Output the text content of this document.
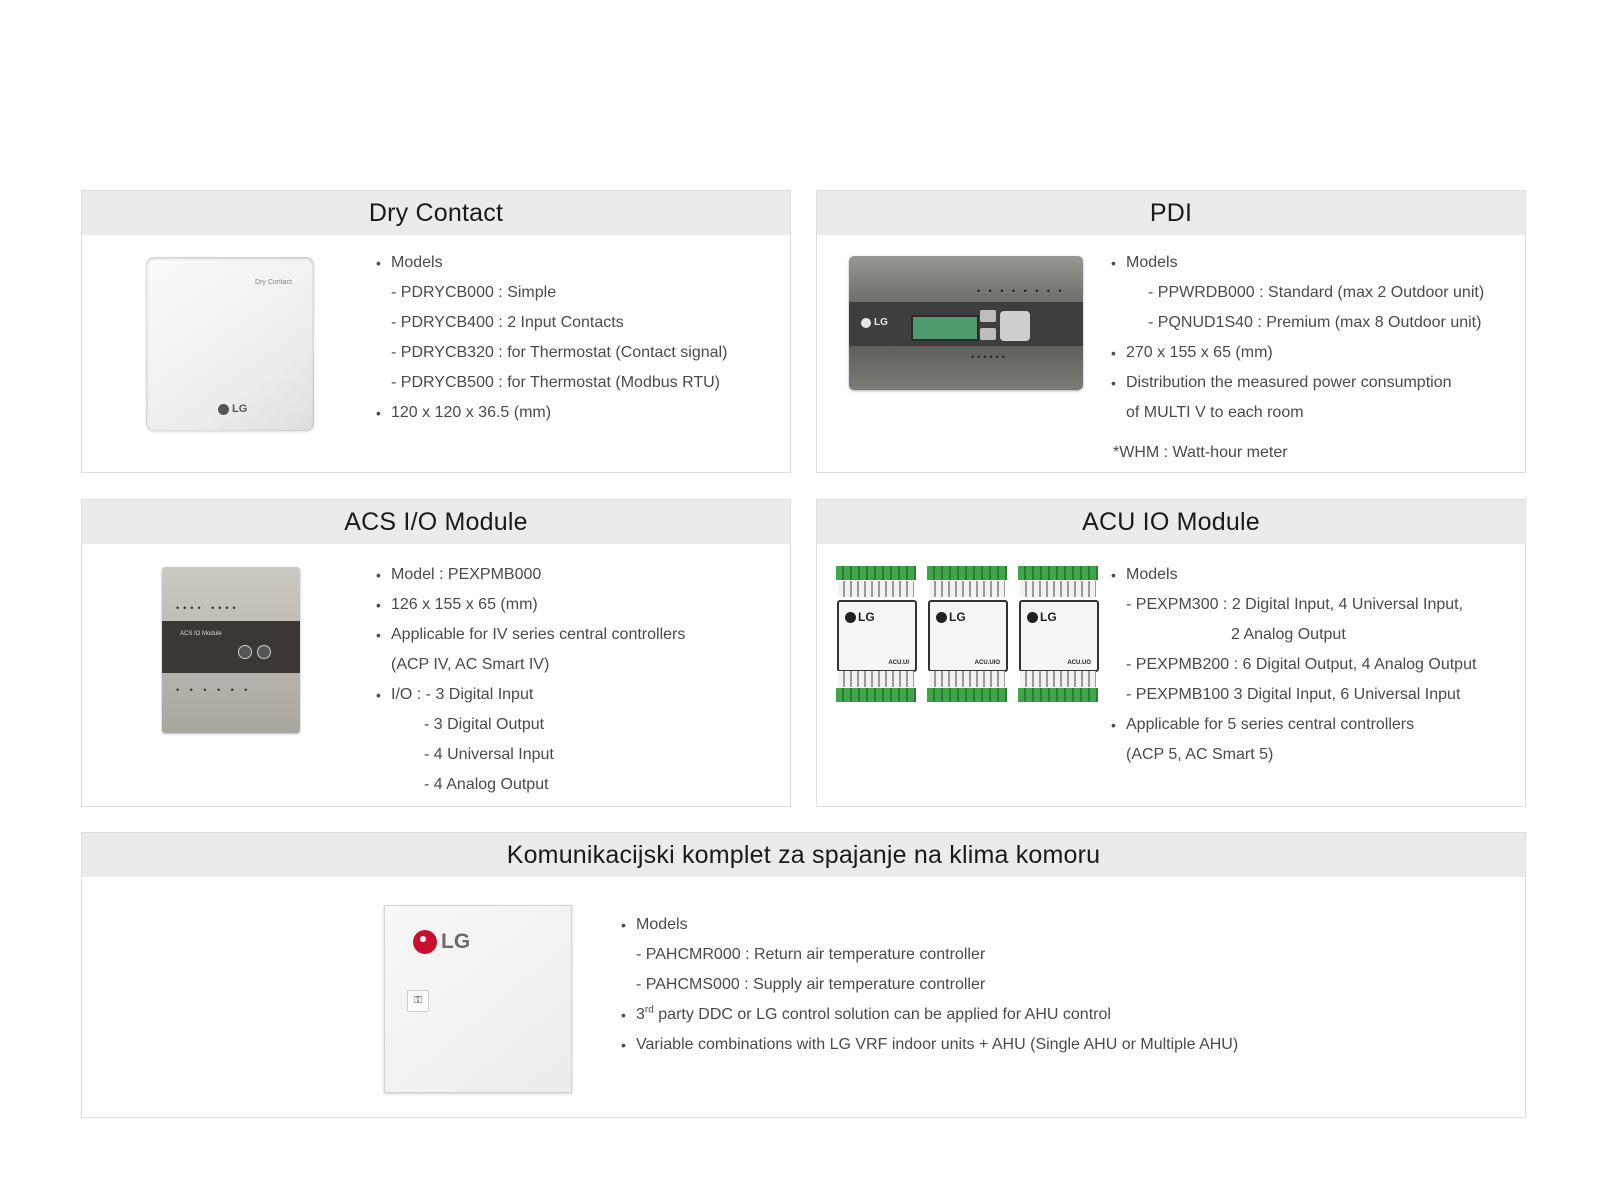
Dry Contact
Dry Contact
LG
• Models
- PDRYCB000 : Simple
- PDRYCB400 : 2 Input Contacts
- PDRYCB320 : for Thermostat (Contact signal)
- PDRYCB500 : for Thermostat (Modbus RTU)
• 120 x 120 x 36.5 (mm)
PDI
• • • • • • • •
••••••
LG
• Models
- PPWRDB000 : Standard (max 2 Outdoor unit)
- PQNUD1S40 : Premium (max 8 Outdoor unit)
• 270 x 155 x 65 (mm)
• Distribution the measured power consumption
of MULTI V to each room
*WHM : Watt-hour meter
ACS I/O Module
•••• ••••
ACS IO Module
• • • • • •
• Model : PEXPMB000
• 126 x 155 x 65 (mm)
• Applicable for IV series central controllers
(ACP IV, AC Smart IV)
• I/O : - 3 Digital Input
- 3 Digital Output
- 4 Universal Input
- 4 Analog Output
ACU IO Module
LG
ACU.UI
LG
ACU.UIO
LG
ACU.UO
• Models
- PEXPM300 : 2 Digital Input, 4 Universal Input,
2 Analog Output
- PEXPMB200 : 6 Digital Output, 4 Analog Output
- PEXPMB100 3 Digital Input, 6 Universal Input
• Applicable for 5 series central controllers
(ACP 5, AC Smart 5)
Komunikacijski komplet za spajanje na klima komoru
LG
⚿
• Models
- PAHCMR000 : Return air temperature controller
- PAHCMS000 : Supply air temperature controller
• 3rd party DDC or LG control solution can be applied for AHU control
• Variable combinations with LG VRF indoor units + AHU (Single AHU or Multiple AHU)
